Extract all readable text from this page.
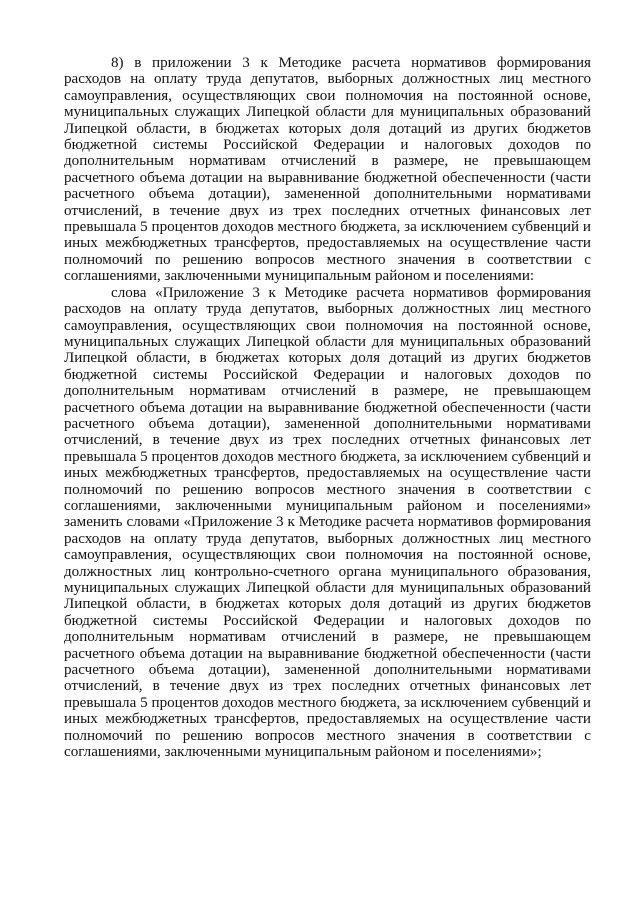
8) в приложении 3 к Методике расчета нормативов формирования расходов на оплату труда депутатов, выборных должностных лиц местного самоуправления, осуществляющих свои полномочия на постоянной основе, муниципальных служащих Липецкой области для муниципальных образований Липецкой области, в бюджетах которых доля дотаций из других бюджетов бюджетной системы Российской Федерации и налоговых доходов по дополнительным нормативам отчислений в размере, не превышающем расчетного объема дотации на выравнивание бюджетной обеспеченности (части расчетного объема дотации), замененной дополнительными нормативами отчислений, в течение двух из трех последних отчетных финансовых лет превышала 5 процентов доходов местного бюджета, за исключением субвенций и иных межбюджетных трансфертов, предоставляемых на осуществление части полномочий по решению вопросов местного значения в соответствии с соглашениями, заключенными муниципальным районом и поселениями:

слова «Приложение 3 к Методике расчета нормативов формирования расходов на оплату труда депутатов, выборных должностных лиц местного самоуправления, осуществляющих свои полномочия на постоянной основе, муниципальных служащих Липецкой области для муниципальных образований Липецкой области, в бюджетах которых доля дотаций из других бюджетов бюджетной системы Российской Федерации и налоговых доходов по дополнительным нормативам отчислений в размере, не превышающем расчетного объема дотации на выравнивание бюджетной обеспеченности (части расчетного объема дотации), замененной дополнительными нормативами отчислений, в течение двух из трех последних отчетных финансовых лет превышала 5 процентов доходов местного бюджета, за исключением субвенций и иных межбюджетных трансфертов, предоставляемых на осуществление части полномочий по решению вопросов местного значения в соответствии с соглашениями, заключенными муниципальным районом и поселениями» заменить словами «Приложение 3 к Методике расчета нормативов формирования расходов на оплату труда депутатов, выборных должностных лиц местного самоуправления, осуществляющих свои полномочия на постоянной основе, должностных лиц контрольно-счетного органа муниципального образования, муниципальных служащих Липецкой области для муниципальных образований Липецкой области, в бюджетах которых доля дотаций из других бюджетов бюджетной системы Российской Федерации и налоговых доходов по дополнительным нормативам отчислений в размере, не превышающем расчетного объема дотации на выравнивание бюджетной обеспеченности (части расчетного объема дотации), замененной дополнительными нормативами отчислений, в течение двух из трех последних отчетных финансовых лет превышала 5 процентов доходов местного бюджета, за исключением субвенций и иных межбюджетных трансфертов, предоставляемых на осуществление части полномочий по решению вопросов местного значения в соответствии с соглашениями, заключенными муниципальным районом и поселениями»;
